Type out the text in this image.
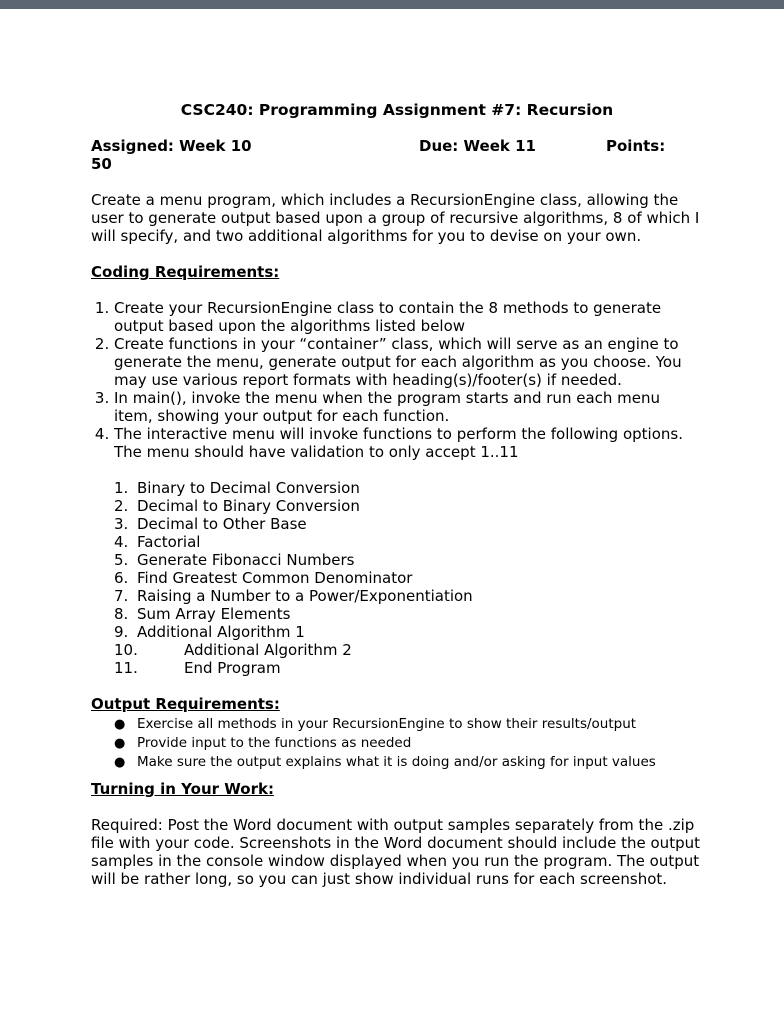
CSC240: Programming Assignment #7: Recursion
Assigned: Week 10	Due: Week 11	Points:
50

Create a menu program, which includes a RecursionEngine class, allowing the user to generate output based upon a group of recursive algorithms, 8 of which I will specify, and two additional algorithms for you to devise on your own.

Coding Requirements:
1. Create your RecursionEngine class to contain the 8 methods to generate output based upon the algorithms listed below
2. Create functions in your “container” class, which will serve as an engine to generate the menu, generate output for each algorithm as you choose. You may use various report formats with heading(s)/footer(s) if needed.
3. In main(), invoke the menu when the program starts and run each menu item, showing your output for each function.
4. The interactive menu will invoke functions to perform the following options. The menu should have validation to only accept 1..11
1. Binary to Decimal Conversion
2. Decimal to Binary Conversion
3. Decimal to Other Base
4. Factorial
5. Generate Fibonacci Numbers
6. Find Greatest Common Denominator
7. Raising a Number to a Power/Exponentiation
8. Sum Array Elements
9. Additional Algorithm 1
10.	Additional Algorithm 2
11.	End Program
Output Requirements:
● Exercise all methods in your RecursionEngine to show their results/output
● Provide input to the functions as needed
● Make sure the output explains what it is doing and/or asking for input values
Turning in Your Work:

Required: Post the Word document with output samples separately from the .zip file with your code. Screenshots in the Word document should include the output samples in the console window displayed when you run the program. The output will be rather long, so you can just show individual runs for each screenshot.
